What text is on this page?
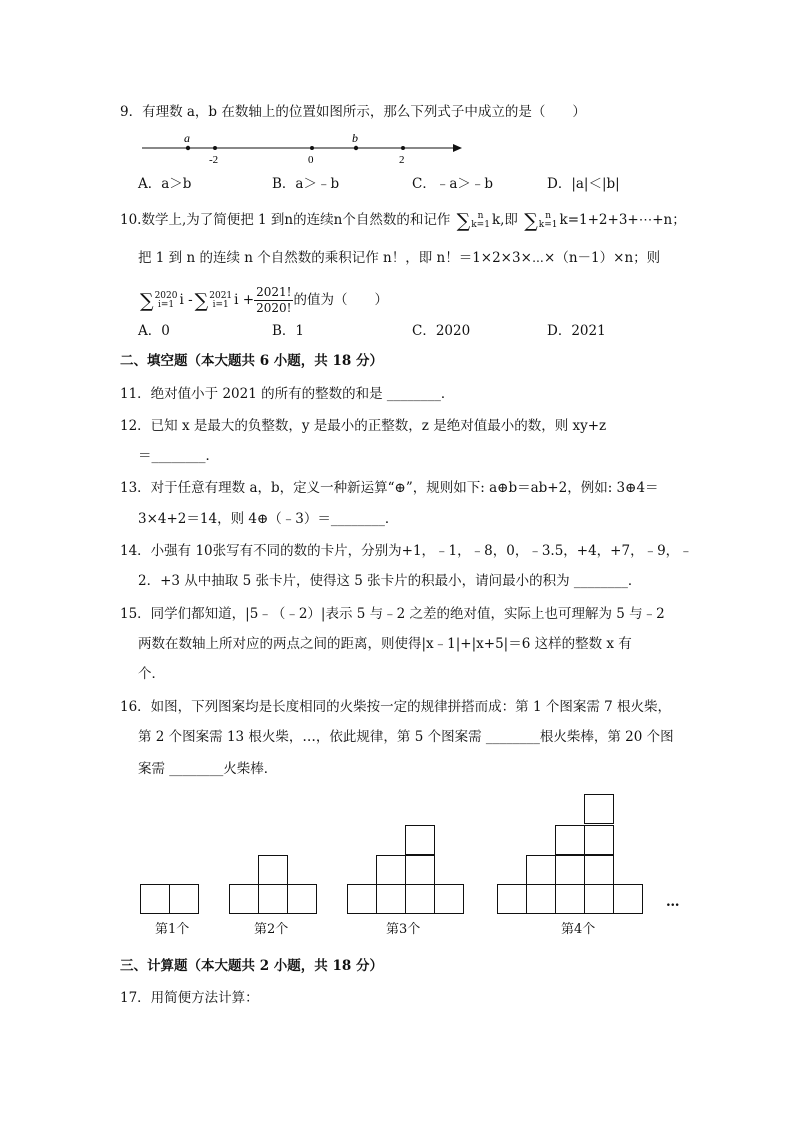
9．有理数 a，b 在数轴上的位置如图所示，那么下列式子中成立的是（　　）
a	b
-2	0	2
A．a＞b	B．a＞﹣b	C．﹣a＞﹣b	D．|a|＜|b|
10.数学上,为了简便把 1 到n的连续n个自然数的和记作 ∑ n
k=1 k,即 ∑ n
k=1 k=1+2+3+⋯+n；
把 1 到 n 的连续 n 个自然数的乘积记作 n！，即 n！＝1×2×3×⋯×（n－1）×n；则
∑ 2020
i=1 i - ∑ 2021
i=1 $i + \frac{2021!}{2020!}$ 的值为（　　）
A．0	B．1	C．2020	D．2021
二、填空题（本大题共 6 小题，共 18 分）
11．绝对值小于 2021 的所有的整数的和是 ________．
12．已知 x 是最大的负整数，y 是最小的正整数，z 是绝对值最小的数，则 xy+z
＝________．
13．对于任意有理数 a，b，定义一种新运算“⊕”，规则如下: a⊕b＝ab+2，例如: 3⊕4＝
3×4+2＝14，则 4⊕（﹣3）＝________．
14．小强有 10张写有不同的数的卡片，分别为+1，﹣1，﹣8，0，﹣3.5，+4，+7，﹣9，﹣
2．+3 从中抽取 5 张卡片，使得这 5 张卡片的积最小，请问最小的积为 ________．
15．同学们都知道，|5﹣（﹣2）|表示 5 与﹣2 之差的绝对值，实际上也可理解为 5 与﹣2
两数在数轴上所对应的两点之间的距离，则使得|x﹣1|+|x+5|＝6 这样的整数 x 有
个．
16．如图，下列图案均是长度相同的火柴按一定的规律拼搭而成：第 1 个图案需 7 根火柴，
第 2 个图案需 13 根火柴，…，依此规律，第 5 个图案需 ________根火柴棒，第 20 个图
案需 ________火柴棒．
…
第1个	第2个	第3个	第4个
三、计算题（本大题共 2 小题，共 18 分）
17．用简便方法计算：
